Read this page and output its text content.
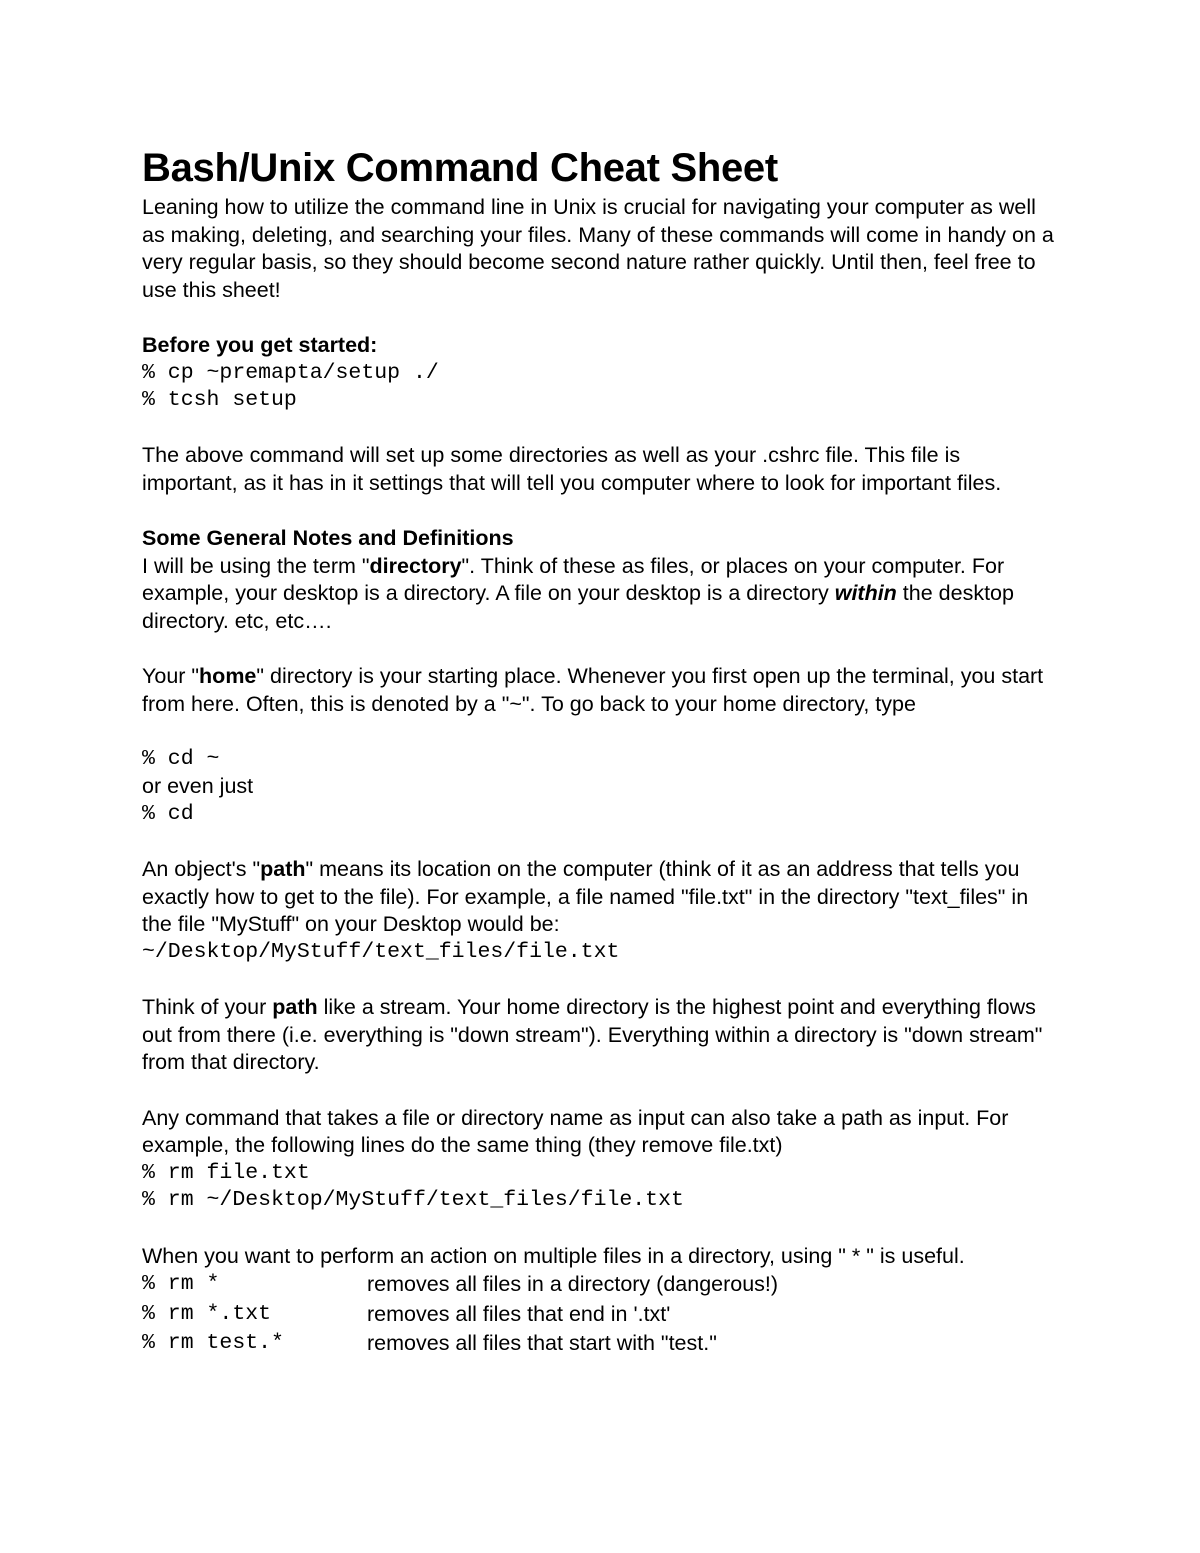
Bash/Unix Command Cheat Sheet

Leaning how to utilize the command line in Unix is crucial for navigating your computer as well as making, deleting, and searching your files. Many of these commands will come in handy on a very regular basis, so they should become second nature rather quickly. Until then, feel free to use this sheet!

Before you get started:

% cp ~premapta/setup ./
% tcsh setup

The above command will set up some directories as well as your .cshrc file. This file is important, as it has in it settings that will tell you computer where to look for important files.

Some General Notes and Definitions

I will be using the term "directory". Think of these as files, or places on your computer. For example, your desktop is a directory. A file on your desktop is a directory within the desktop directory. etc, etc….

Your "home" directory is your starting place. Whenever you first open up the terminal, you start from here. Often, this is denoted by a "~". To go back to your home directory, type

% cd ~

or even just

% cd

An object's "path" means its location on the computer (think of it as an address that tells you exactly how to get to the file). For example, a file named "file.txt" in the directory "text_files" in the file "MyStuff" on your Desktop would be:

~/Desktop/MyStuff/text_files/file.txt

Think of your path like a stream. Your home directory is the highest point and everything flows out from there (i.e. everything is "down stream"). Everything within a directory is "down stream" from that directory.

Any command that takes a file or directory name as input can also take a path as input. For example, the following lines do the same thing (they remove file.txt)

% rm file.txt
% rm ~/Desktop/MyStuff/text_files/file.txt

When you want to perform an action on multiple files in a directory, using " * " is useful.

% rm *	removes all files in a directory (dangerous!)
% rm *.txt	removes all files that end in '.txt'
% rm test.*	removes all files that start with "test."
